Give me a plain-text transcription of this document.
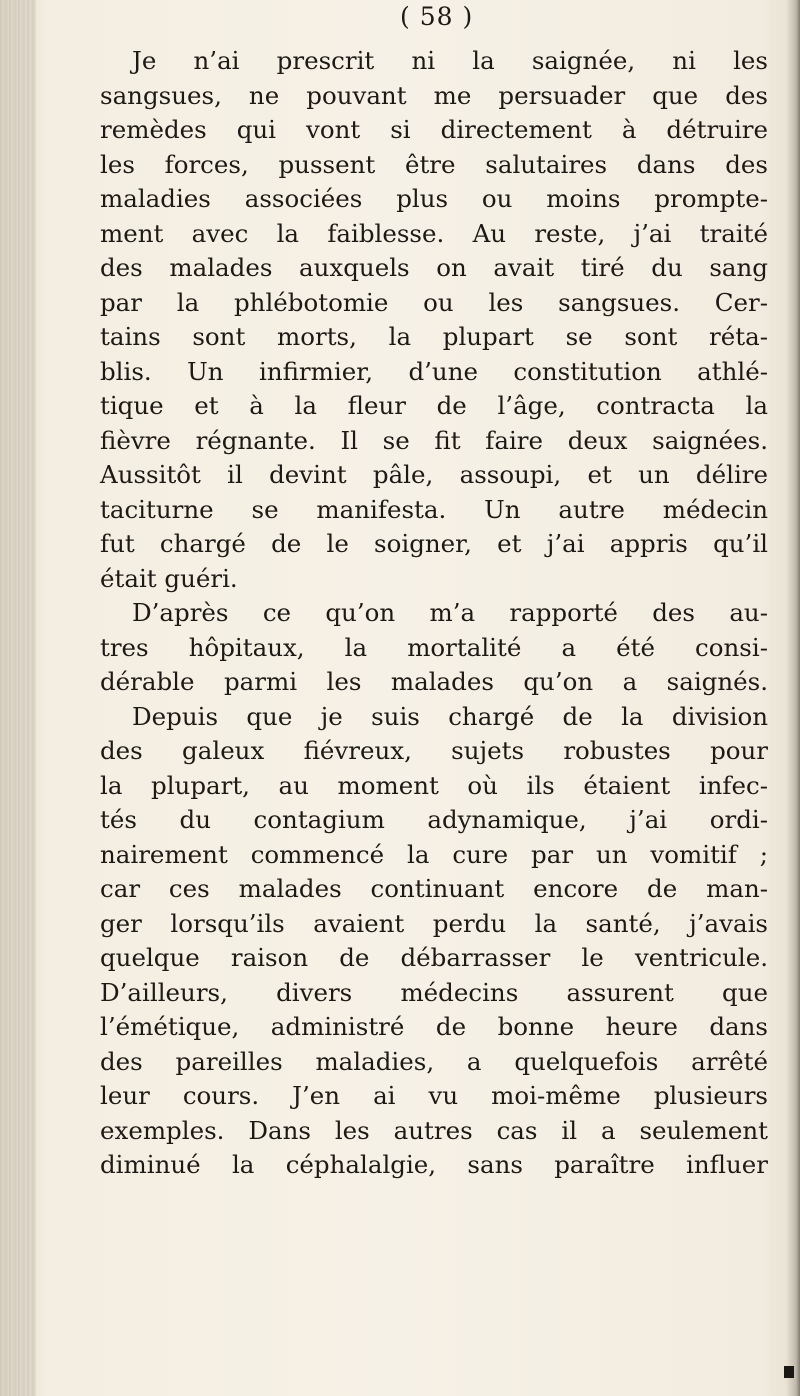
( 58 )
Je n’ai prescrit ni la saignée, ni les
sangsues, ne pouvant me persuader que des
remèdes qui vont si directement à détruire
les forces, pussent être salutaires dans des
maladies associées plus ou moins prompte-
ment avec la faiblesse. Au reste, j’ai traité
des malades auxquels on avait tiré du sang
par la phlébotomie ou les sangsues. Cer-
tains sont morts, la plupart se sont réta-
blis. Un infirmier, d’une constitution athlé-
tique et à la fleur de l’âge, contracta la
fièvre régnante. Il se fit faire deux saignées.
Aussitôt il devint pâle, assoupi, et un délire
taciturne se manifesta. Un autre médecin
fut chargé de le soigner, et j’ai appris qu’il
était guéri.
D’après ce qu’on m’a rapporté des au-
tres hôpitaux, la mortalité a été consi-
dérable parmi les malades qu’on a saignés.
Depuis que je suis chargé de la division
des galeux fiévreux, sujets robustes pour
la plupart, au moment où ils étaient infec-
tés du contagium adynamique, j’ai ordi-
nairement commencé la cure par un vomitif ;
car ces malades continuant encore de man-
ger lorsqu’ils avaient perdu la santé, j’avais
quelque raison de débarrasser le ventricule.
D’ailleurs, divers médecins assurent que
l’émétique, administré de bonne heure dans
des pareilles maladies, a quelquefois arrêté
leur cours. J’en ai vu moi-même plusieurs
exemples. Dans les autres cas il a seulement
diminué la céphalalgie, sans paraître influer
